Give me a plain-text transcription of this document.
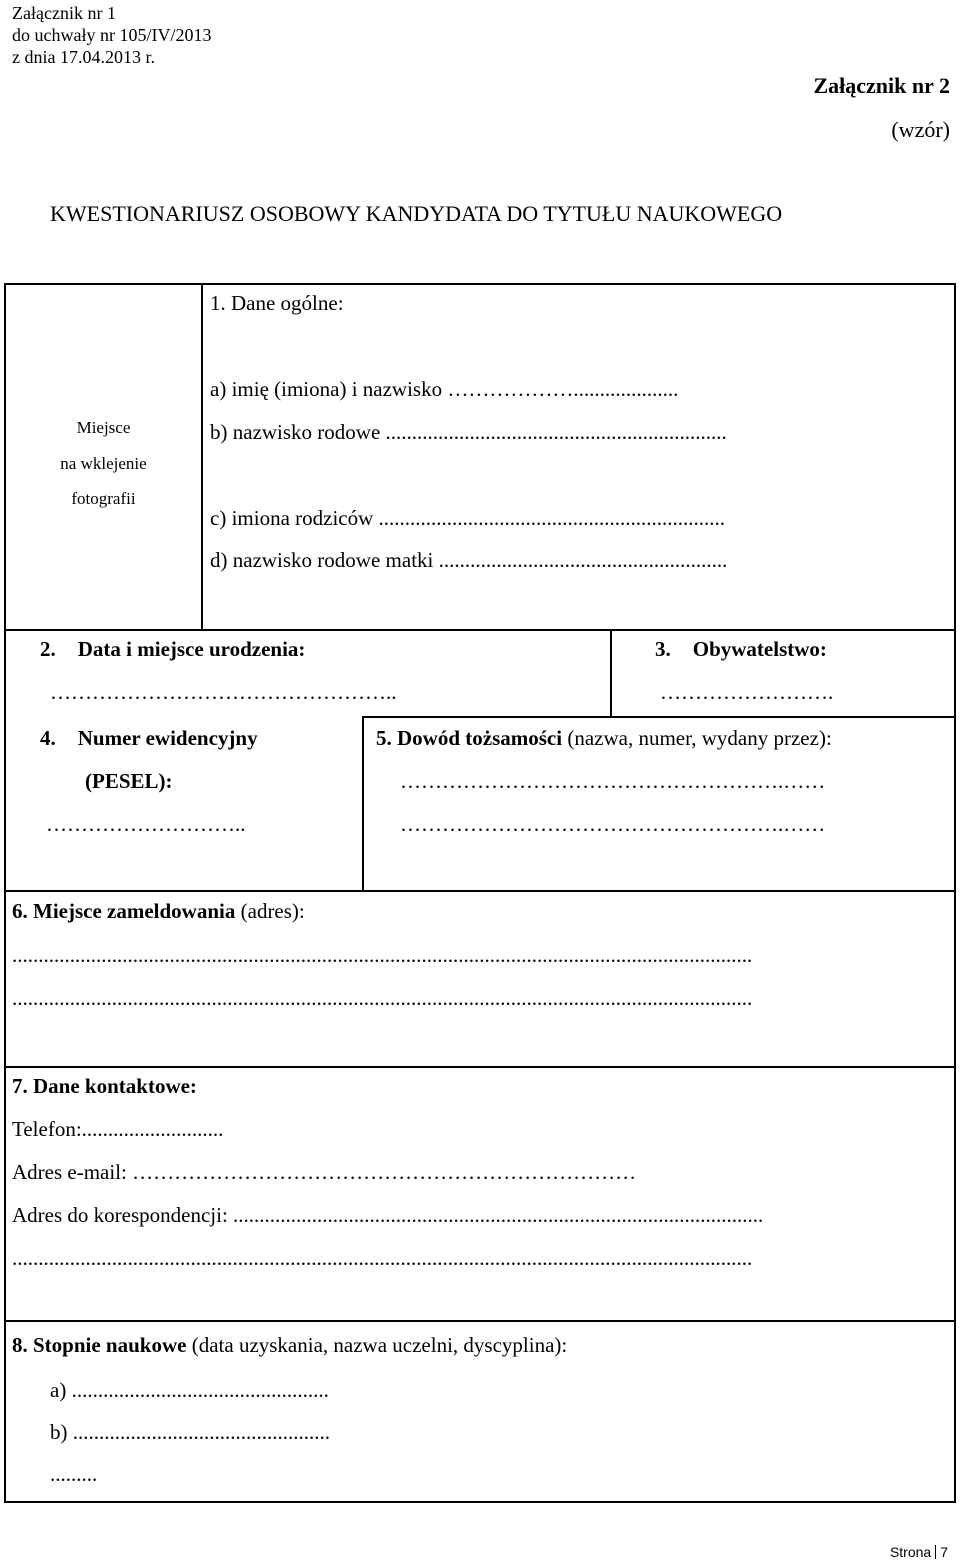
Załącznik nr 1
do uchwały nr 105/IV/2013
z dnia 17.04.2013 r.
Załącznik nr 2
(wzór)
KWESTIONARIUSZ OSOBOWY KANDYDATA DO TYTUŁU NAUKOWEGO
Miejsce
na wklejenie
fotografii
1. Dane ogólne:
a) imię (imiona) i nazwisko ………………....................
b) nazwisko rodowe .................................................................
c) imiona rodziców ..................................................................
d) nazwisko rodowe matki .......................................................
2. Data i miejsce urodzenia:
…………………………………………..
3. Obywatelstwo:
…………………….
4. Numer ewidencyjny
(PESEL):
………………………..
5. Dowód tożsamości (nazwa, numer, wydany przez):
……………………………………………….……
……………………………………………….……
6. Miejsce zameldowania (adres):
.............................................................................................................................................
.............................................................................................................................................
7. Dane kontaktowe:
Telefon:...........................
Adres e-mail: ………………………………………………………………
Adres do korespondencji: .....................................................................................................
.............................................................................................................................................
8. Stopnie naukowe (data uzyskania, nazwa uczelni, dyscyplina):
a) .................................................
b) .................................................
.........
Strona 7
